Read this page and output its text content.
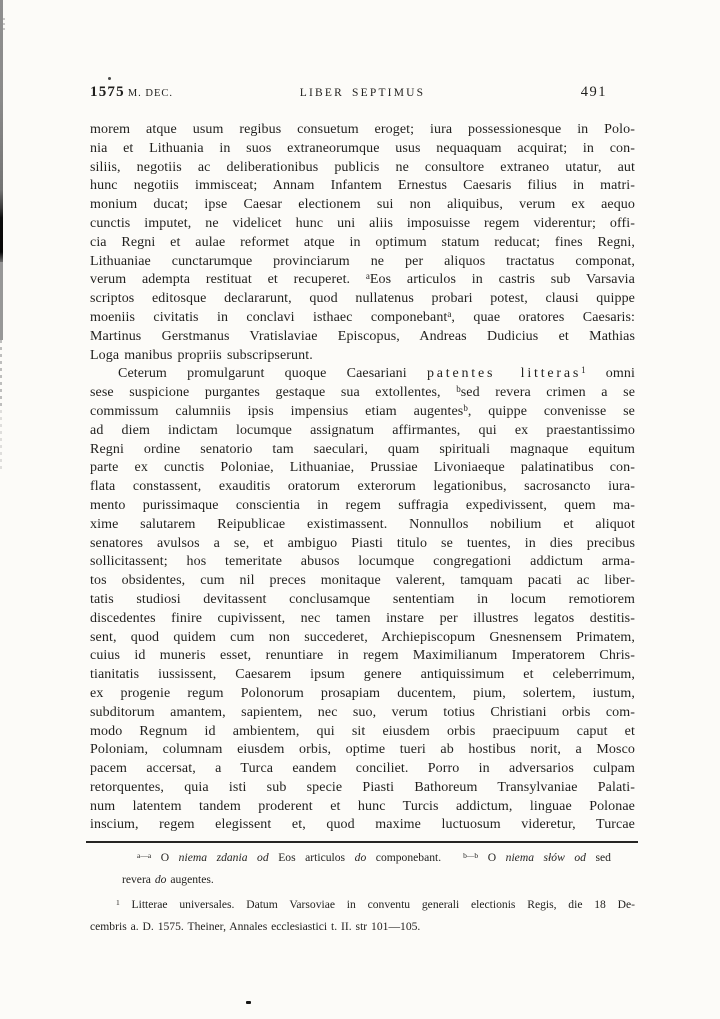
1575 M. DEC.	LIBER SEPTIMUS	491
morem atque usum regibus consuetum eroget; iura possessionesque in Polo-
nia et Lithuania in suos extraneorumque usus nequaquam acquirat; in con-
siliis, negotiis ac deliberationibus publicis ne consultore extraneo utatur, aut
hunc negotiis immisceat; Annam Infantem Ernestus Caesaris filius in matri-
monium ducat; ipse Caesar electionem sui non aliquibus, verum ex aequo
cunctis imputet, ne videlicet hunc uni aliis imposuisse regem viderentur; offi-
cia Regni et aulae reformet atque in optimum statum reducat; fines Regni,
Lithuaniae cunctarumque provinciarum ne per aliquos tractatus componat,
verum adempta restituat et recuperet. $^a$Eos articulos in castris sub Varsavia
scriptos editosque declararunt, quod nullatenus probari potest, clausi quippe
moeniis civitatis in conclavi isthaec componebant$^a$, quae oratores Caesaris:
Martinus Gerstmanus Vratislaviae Episcopus, Andreas Dudicius et Mathias
Loga manibus propriis subscripserunt.
Ceterum promulgarunt quoque Caesariani patentes litteras$^1$ omni
sese suspicione purgantes gestaque sua extollentes, $^b$sed revera crimen a se
commissum calumniis ipsis impensius etiam augentes$^b$, quippe convenisse se
ad diem indictam locumque assignatum affirmantes, qui ex praestantissimo
Regni ordine senatorio tam saeculari, quam spirituali magnaque equitum
parte ex cunctis Poloniae, Lithuaniae, Prussiae Livoniaeque palatinatibus con-
flata constassent, exauditis oratorum exterorum legationibus, sacrosancto iura-
mento purissimaque conscientia in regem suffragia expedivissent, quem ma-
xime salutarem Reipublicae existimassent. Nonnullos nobilium et aliquot
senatores avulsos a se, et ambiguo Piasti titulo se tuentes, in dies precibus
sollicitassent; hos temeritate abusos locumque congregationi addictum arma-
tos obsidentes, cum nil preces monitaque valerent, tamquam pacati ac liber-
tatis studiosi devitassent conclusamque sententiam in locum remotiorem
discedentes finire cupivissent, nec tamen instare per illustres legatos destitis-
sent, quod quidem cum non succederet, Archiepiscopum Gnesnensem Primatem,
cuius id muneris esset, renuntiare in regem Maximilianum Imperatorem Chris-
tianitatis iussissent, Caesarem ipsum genere antiquissimum et celeberrimum,
ex progenie regum Polonorum prosapiam ducentem, pium, solertem, iustum,
subditorum amantem, sapientem, nec suo, verum totius Christiani orbis com-
modo Regnum id ambientem, qui sit eiusdem orbis praecipuum caput et
Poloniam, columnam eiusdem orbis, optime tueri ab hostibus norit, a Mosco
pacem accersat, a Turca eandem conciliet. Porro in adversarios culpam
retorquentes, quia isti sub specie Piasti Bathoreum Transylvaniae Palati-
num latentem tandem proderent et hunc Turcis addictum, linguae Polonae
inscium, regem elegissent et, quod maxime luctuosum videretur, Turcae
$^{a—a}$ O niema zdania od Eos articulos do componebant.	$^{b—b}$ O niema słów od sed
revera do augentes.
$^1$ Litterae universales. Datum Varsoviae in conventu generali electionis Regis, die 18 De-
cembris a. D. 1575. Theiner, Annales ecclesiastici t. II. str 101—105.
